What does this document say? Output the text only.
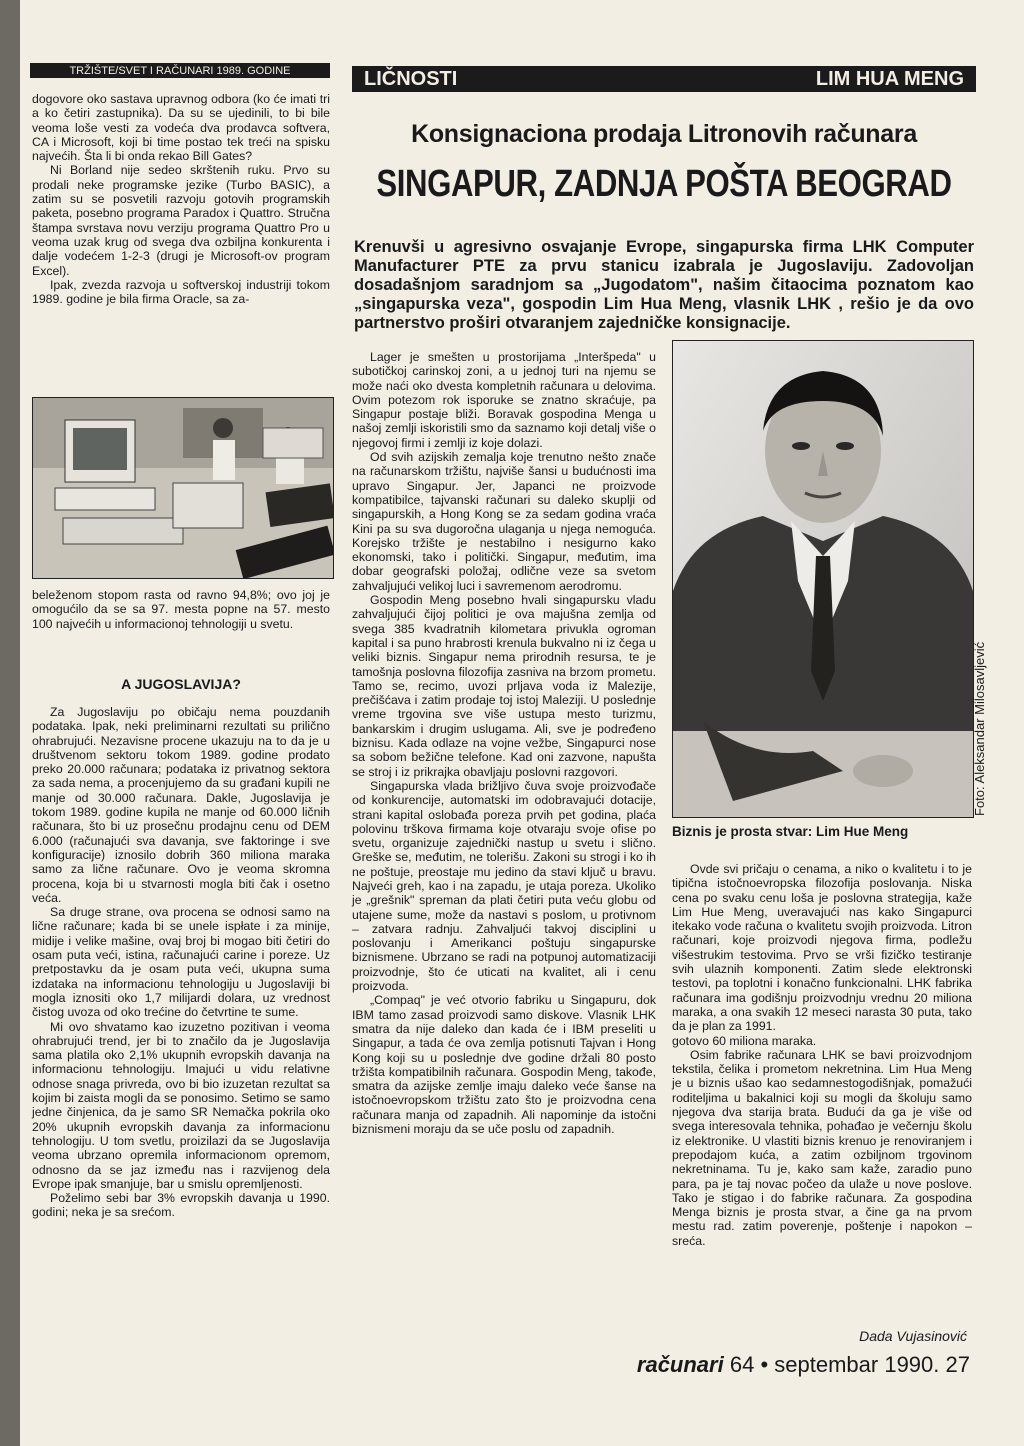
TRŽIŠTE/SVET I RAČUNARI 1989. GODINE	LIČNOSTI	LIM HUA MENG

dogovore oko sastava upravnog odbora (ko će imati tri a ko četiri zastupnika). Da su se ujedinili, to bi bile veoma loše vesti za vodeća dva prodavca softvera, CA i Microsoft, koji bi time postao tek treći na spisku najvećih. Šta li bi onda rekao Bill Gates?

Ni Borland nije sedeo skrštenih ruku. Prvo su prodali neke programske jezike (Turbo BASIC), a zatim su se posvetili razvoju gotovih programskih paketa, posebno programa Paradox i Quattro. Stručna štampa svrstava novu verziju programa Quattro Pro u veoma uzak krug od svega dva ozbiljna konkurenta i dalje vodećem 1-2-3 (drugi je Microsoft-ov program Excel).

Ipak, zvezda razvoja u softverskoj industriji tokom 1989. godine je bila firma Oracle, sa za-

beleženom stopom rasta od ravno 94,8%; ovo joj je omogućilo da se sa 97. mesta popne na 57. mesto 100 najvećih u informacionoj tehnologiji u svetu.

A JUGOSLAVIJA?

Za Jugoslaviju po običaju nema pouzdanih podataka. Ipak, neki preliminarni rezultati su prilično ohrabrujući. Nezavisne procene ukazuju na to da je u društvenom sektoru tokom 1989. godine prodato preko 20.000 računara; podataka iz privatnog sektora za sada nema, a procenjujemo da su građani kupili ne manje od 30.000 računara. Dakle, Jugoslavija je tokom 1989. godine kupila ne manje od 60.000 ličnih računara, što bi uz prosečnu prodajnu cenu od DEM 6.000 (računajući sva davanja, sve faktoringe i sve konfiguracije) iznosilo dobrih 360 miliona maraka samo za lične računare. Ovo je veoma skromna procena, koja bi u stvarnosti mogla biti čak i osetno veća.

Sa druge strane, ova procena se odnosi samo na lične računare; kada bi se unele ispłate i za minije, midije i velike mašine, ovaj broj bi mogao biti četiri do osam puta veći, istina, računajući carine i poreze. Uz pretpostavku da je osam puta veći, ukupna suma izdataka na informacionu tehnologiju u Jugoslaviji bi mogla iznositi oko 1,7 milijardi dolara, uz vrednost čistog uvoza od oko trećine do četvrtine te sume.

Mi ovo shvatamo kao izuzetno pozitivan i veoma ohrabrujući trend, jer bi to značilo da je Jugoslavija sama platila oko 2,1% ukupnih evropskih davanja na informacionu tehnologiju. Imajući u vidu relativne odnose snaga privreda, ovo bi bio izuzetan rezultat sa kojim bi zaista mogli da se ponosimo. Setimo se samo jedne činjenica, da je samo SR Nemačka pokrila oko 20% ukupnih evropskih davanja za informacionu tehnologiju. U tom svetlu, proizilazi da se Jugoslavija veoma ubrzano opremila informacionom opremom, odnosno da se jaz između nas i razvijenog dela Evrope ipak smanjuje, bar u smislu opremljenosti.

Poželimo sebi bar 3% evropskih davanja u 1990. godini; neka je sa srećom.

Konsignaciona prodaja Litronovih računara
SINGAPUR, ZADNJA POŠTA BEOGRAD
Krenuvši u agresivno osvajanje Evrope, singapurska firma LHK Computer Manufacturer PTE za prvu stanicu izabrala je Jugoslaviju. Zadovoljan dosadašnjom saradnjom sa „Jugodatom", našim čitaocima poznatom kao „singapurska veza", gospodin Lim Hua Meng, vlasnik LHK , rešio je da ovo partnerstvo proširi otvaranjem zajedničke konsignacije.

Lager je smešten u prostorijama „Interšpeda" u subotičkoj carinskoj zoni, a u jednoj turi na njemu se može naći oko dvesta kompletnih računara u delovima. Ovim potezom rok isporuke se znatno skraćuje, pa Singapur postaje bliži. Boravak gospodina Menga u našoj zemlji iskoristili smo da saznamo koji detalj više o njegovoj firmi i zemlji iz koje dolazi.

Od svih azijskih zemalja koje trenutno nešto znače na računarskom tržištu, najviše šansi u budućnosti ima upravo Singapur. Jer, Japanci ne proizvode kompatibilce, tajvanski računari su daleko skuplji od singapurskih, a Hong Kong se za sedam godina vraća Kini pa su sva dugoročna ulaganja u njega nemoguća. Korejsko tržište je nestabilno i nesigurno kako ekonomski, tako i politički. Singapur, međutim, ima dobar geografski položaj, odlične veze sa svetom zahvaljujući velikoj luci i savremenom aerodromu.

Gospodin Meng posebno hvali singapursku vladu zahvaljujući čijoj politici je ova majušna zemlja od svega 385 kvadratnih kilometara privukla ogroman kapital i sa puno hrabrosti krenula bukvalno ni iz čega u veliki biznis. Singapur nema prirodnih resursa, te je tamošnja poslovna filozofija zasniva na brzom prometu. Tamo se, recimo, uvozi prljava voda iz Malezije, prečišćava i zatim prodaje toj istoj Maleziji. U poslednje vreme trgovina sve više ustupa mesto turizmu, bankarskim i drugim uslugama. Ali, sve je podređeno biznisu. Kada odlaze na vojne vežbe, Singapurci nose sa sobom bežične telefone. Kad oni zazvone, napušta se stroj i iz prikrajka obavljaju poslovni razgovori.

Singapurska vlada brižljivo čuva svoje proizvođače od konkurencije, automatski im odobravajući dotacije, strani kapital oslobađa poreza prvih pet godina, plaća polovinu trškova firmama koje otvaraju svoje ofise po svetu, organizuje zajednički nastup u svetu i slično. Greške se, međutim, ne tolerišu. Zakoni su strogi i ko ih ne poštuje, preostaje mu jedino da stavi ključ u bravu. Najveći greh, kao i na zapadu, je utaja poreza. Ukoliko je „grešnik" spreman da plati četiri puta veću globu od utajene sume, može da nastavi s poslom, u protivnom – zatvara radnju. Zahvaljući takvoj disciplini u poslovanju i Amerikanci poštuju singapurske biznismene. Ubrzano se radi na potpunoj automatizaciji proizvodnje, što će uticati na kvalitet, ali i cenu proizvoda.

„Compaq" je već otvorio fabriku u Singapuru, dok IBM tamo zasad proizvodi samo diskove. Vlasnik LHK smatra da nije daleko dan kada će i IBM preseliti u Singapur, a tada će ova zemlja potisnuti Tajvan i Hong Kong koji su u poslednje dve godine držali 80 posto tržišta kompatibilnih računara. Gospodin Meng, takođe, smatra da azijske zemlje imaju daleko veće šanse na istočnoevropskom tržištu zato što je proizvodna cena računara manja od zapadnih. Ali napominje da istočni biznismeni moraju da se uče poslu od zapadnih.

Foto: Aleksandar Milosavljević
Biznis je prosta stvar: Lim Hue Meng

Ovde svi pričaju o cenama, a niko o kvalitetu i to je tipična istočnoevropska filozofija poslovanja. Niska cena po svaku cenu loša je poslovna strategija, kaže Lim Hue Meng, uveravajući nas kako Singapurci itekako vode računa o kvalitetu svojih proizvoda. Litron računari, koje proizvodi njegova firma, podležu višestrukim testovima. Prvo se vrši fizičko testiranje svih ulaznih komponenti. Zatim slede elektronski testovi, pa toplotni i konačno funkcionalni. LHK fabrika računara ima godišnju proizvodnju vrednu 20 miliona maraka, a ona svakih 12 meseci narasta 30 puta, tako da je plan za 1991.

gotovo 60 miliona maraka.

Osim fabrike računara LHK se bavi proizvodnjom tekstila, čelika i prometom nekretnina. Lim Hua Meng je u biznis ušao kao sedamnestogodišnjak, pomažući roditeljima u bakalnici koji su mogli da školuju samo njegova dva starija brata. Budući da ga je više od svega interesovala tehnika, pohađao je večernju školu iz elektronike. U vlastiti biznis krenuo je renoviranjem i prepodajom kuća, a zatim ozbiljnom trgovinom nekretninama. Tu je, kako sam kaže, zaradio puno para, pa je taj novac počeo da ulaže u nove poslove. Tako je stigao i do fabrike računara. Za gospodina Menga biznis je prosta stvar, a čine ga na prvom mestu rad. zatim poverenje, poštenje i napokon – sreća.

Dada Vujasinović
računari 64 • septembar 1990. 27
